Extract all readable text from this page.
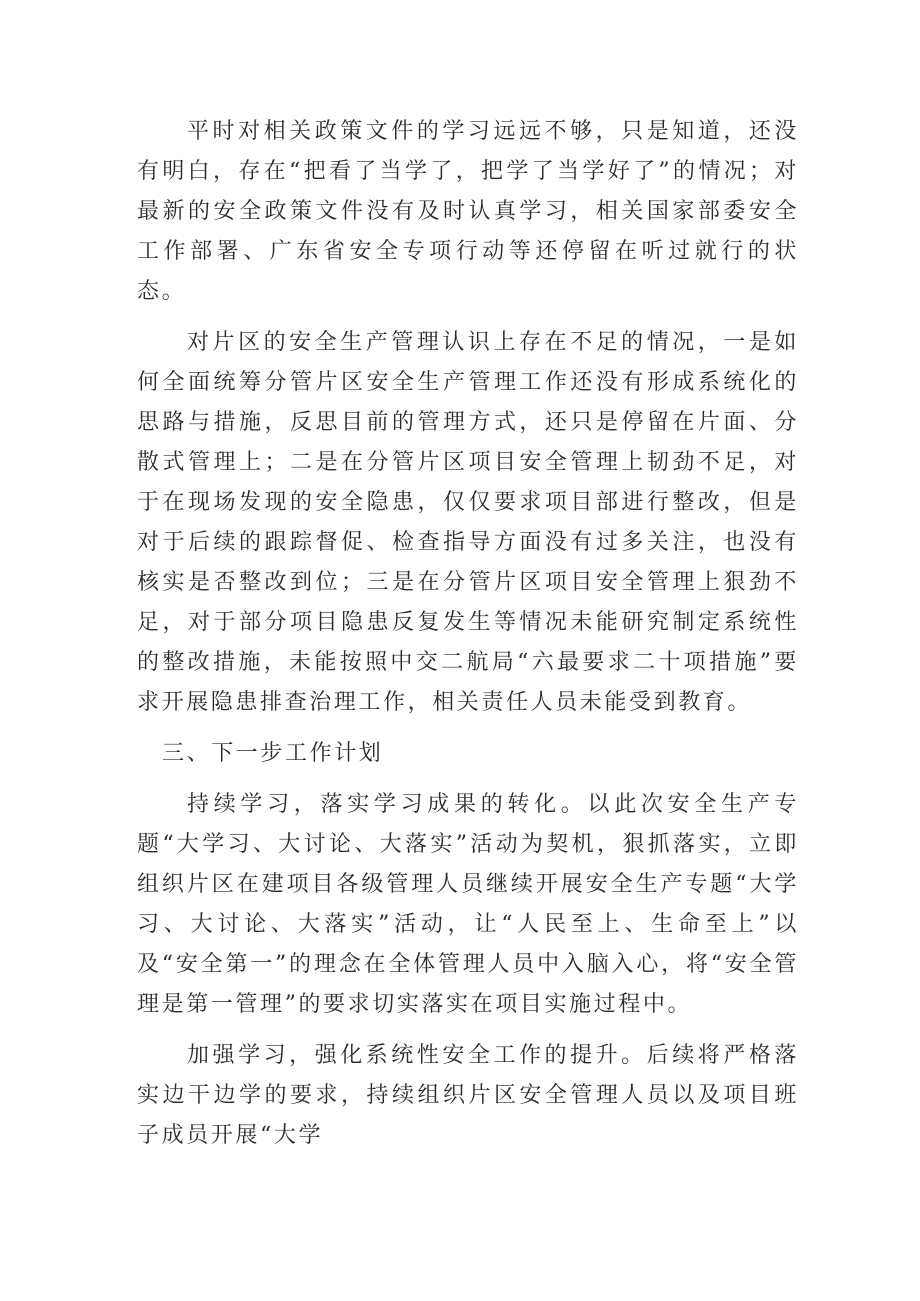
平时对相关政策文件的学习远远不够，只是知道，还没有明白，存在“把看了当学了，把学了当学好了”的情况；对最新的安全政策文件没有及时认真学习，相关国家部委安全工作部署、广东省安全专项行动等还停留在听过就行的状态。

对片区的安全生产管理认识上存在不足的情况，一是如何全面统筹分管片区安全生产管理工作还没有形成系统化的思路与措施，反思目前的管理方式，还只是停留在片面、分散式管理上；二是在分管片区项目安全管理上韧劲不足，对于在现场发现的安全隐患，仅仅要求项目部进行整改，但是对于后续的跟踪督促、检查指导方面没有过多关注，也没有核实是否整改到位；三是在分管片区项目安全管理上狠劲不足，对于部分项目隐患反复发生等情况未能研究制定系统性的整改措施，未能按照中交二航局“六最要求二十项措施”要求开展隐患排查治理工作，相关责任人员未能受到教育。

三、下一步工作计划

持续学习，落实学习成果的转化。以此次安全生产专题“大学习、大讨论、大落实”活动为契机，狠抓落实，立即组织片区在建项目各级管理人员继续开展安全生产专题“大学习、大讨论、大落实”活动，让“人民至上、生命至上”以及“安全第一”的理念在全体管理人员中入脑入心，将“安全管理是第一管理”的要求切实落实在项目实施过程中。

加强学习，强化系统性安全工作的提升。后续将严格落实边干边学的要求，持续组织片区安全管理人员以及项目班子成员开展“大学
